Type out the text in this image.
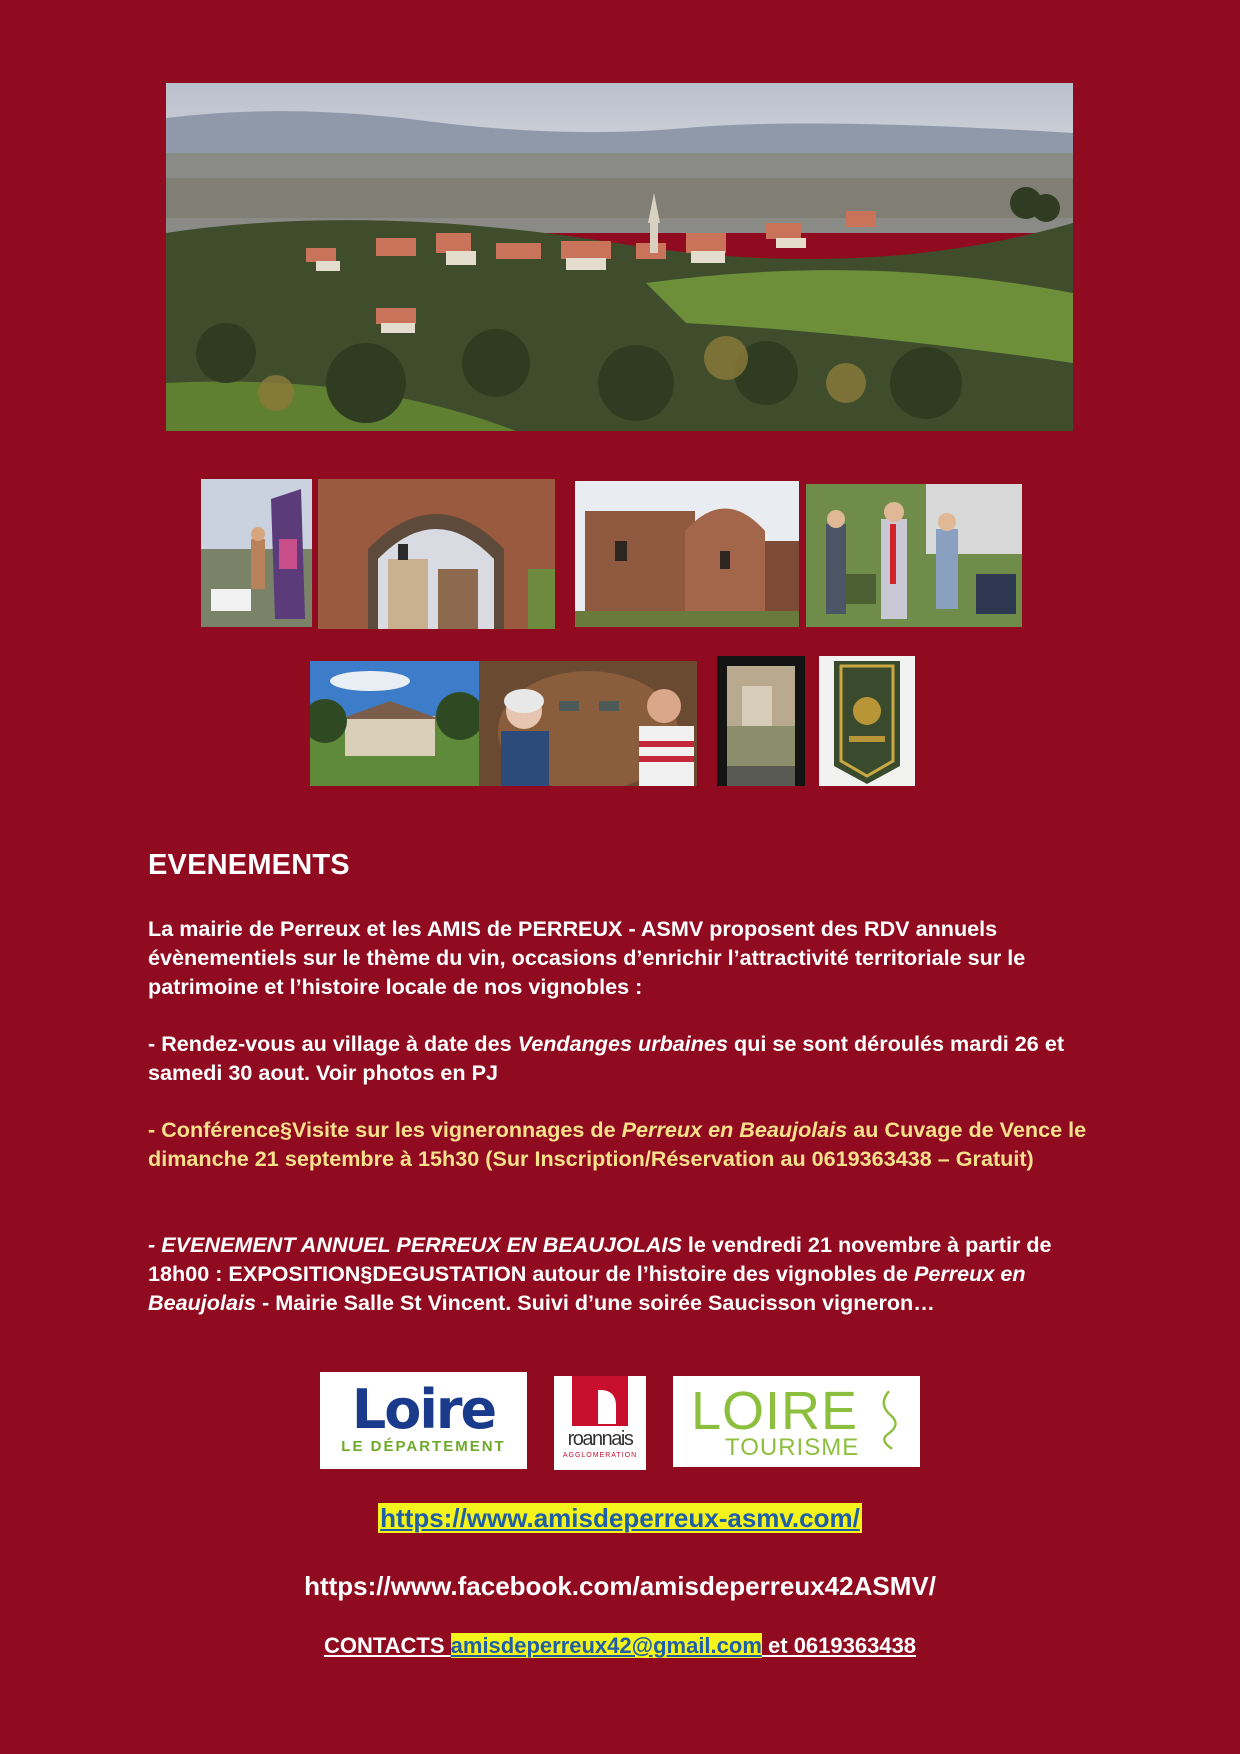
EVENEMENTS

La mairie de Perreux et les AMIS de PERREUX - ASMV proposent des RDV annuels évènementiels sur le thème du vin, occasions d’enrichir l’attractivité territoriale sur le patrimoine et l’histoire locale de nos vignobles :

- Rendez-vous au village à date des Vendanges urbaines qui se sont déroulés mardi 26 et samedi 30 aout. Voir photos en PJ

- Conférence§Visite sur les vigneronnages de Perreux en Beaujolais au Cuvage de Vence le dimanche 21 septembre à 15h30 (Sur Inscription/Réservation au 0619363438 – Gratuit)

- EVENEMENT ANNUEL PERREUX EN BEAUJOLAIS le vendredi 21 novembre à partir de 18h00 : EXPOSITION§DEGUSTATION autour de l’histoire des vignobles de Perreux en Beaujolais - Mairie Salle St Vincent. Suivi d’une soirée Saucisson vigneron…

Loire
LE DÉPARTEMENT	roannais
AGGLOMERATION
LOIRE
TOURISME
https://www.amisdeperreux-asmv.com/
https://www.facebook.com/amisdeperreux42ASMV/
CONTACTS amisdeperreux42@gmail.com et 0619363438
